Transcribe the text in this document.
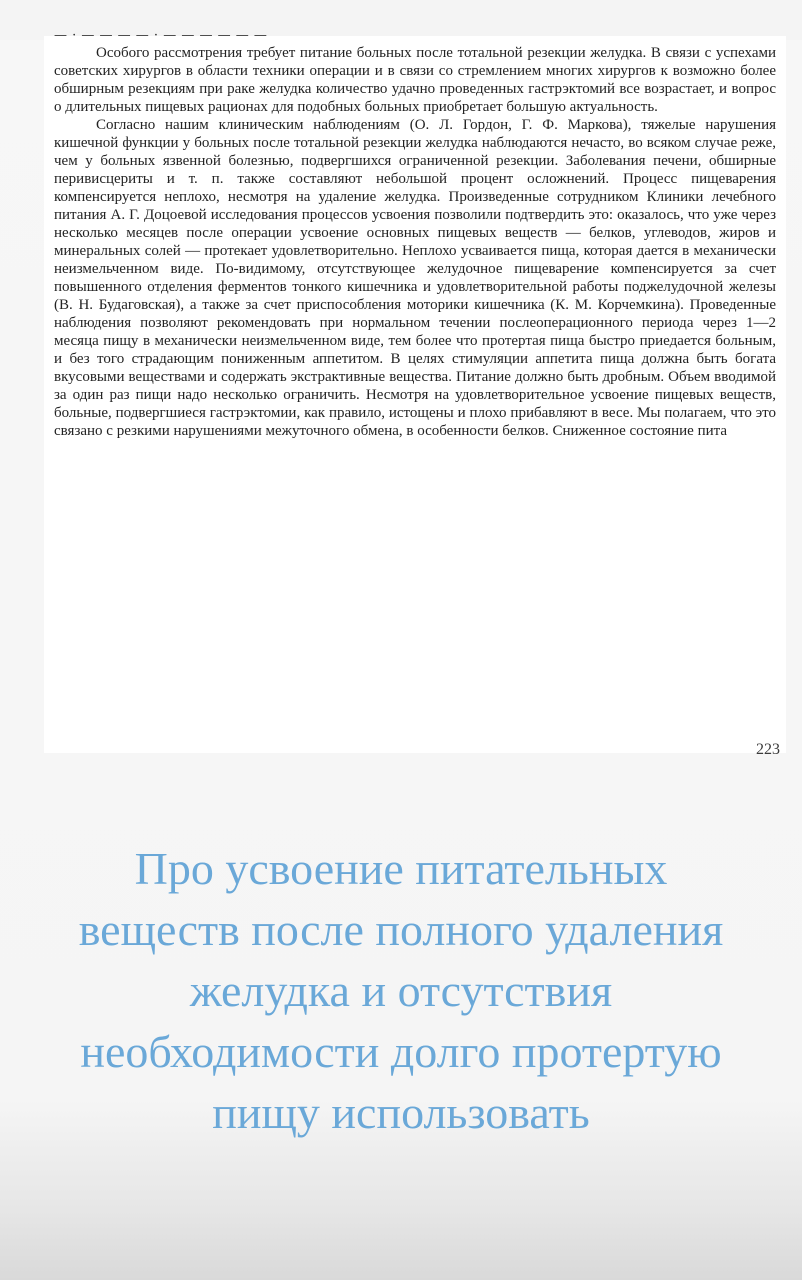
— · — — — — · — — — — — —

Особого рассмотрения требует питание больных после тотальной резекции желудка. В связи с успехами советских хирургов в области техники операции и в связи со стремлением многих хирургов к возможно более обширным резекциям при раке желудка количество удачно проведенных гастрэктомий все возрастает, и вопрос о длительных пищевых рационах для подобных больных приобретает большую актуальность.

Согласно нашим клиническим наблюдениям (О. Л. Гордон, Г. Ф. Маркова), тяжелые нарушения кишечной функции у больных после тотальной резекции желудка наблюдаются нечасто, во всяком случае реже, чем у больных язвенной болезнью, подвергшихся ограниченной резекции. Заболевания печени, обширные перивисцериты и т. п. также составляют небольшой процент осложнений. Процесс пищеварения компенсируется неплохо, несмотря на удаление желудка. Произведенные сотрудником Клиники лечебного питания А. Г. Доцоевой исследования процессов усвоения позволили подтвердить это: оказалось, что уже через несколько месяцев после операции усвоение основных пищевых веществ — белков, углеводов, жиров и минеральных солей — протекает удовлетворительно. Неплохо усваивается пища, которая дается в механически неизмельченном виде. По-видимому, отсутствующее желудочное пищеварение компенсируется за счет повышенного отделения ферментов тонкого кишечника и удовлетворительной работы поджелудочной железы (В. Н. Будаговская), а также за счет приспособления моторики кишечника (К. М. Корчемкина). Проведенные наблюдения позволяют рекомендовать при нормальном течении послеоперационного периода через 1—2 месяца пищу в механически неизмельченном виде, тем более что протертая пища быстро приедается больным, и без того страдающим пониженным аппетитом. В целях стимуляции аппетита пища должна быть богата вкусовыми веществами и содержать экстрактивные вещества. Питание должно быть дробным. Объем вводимой за один раз пищи надо несколько ограничить. Несмотря на удовлетворительное усвоение пищевых веществ, больные, подвергшиеся гастрэктомии, как правило, истощены и плохо прибавляют в весе. Мы полагаем, что это связано с резкими нарушениями межуточного обмена, в особенности белков. Сниженное состояние пита

223

Про усвоение питательных веществ после полного удаления желудка и отсутствия необходимости долго протертую пищу использовать
